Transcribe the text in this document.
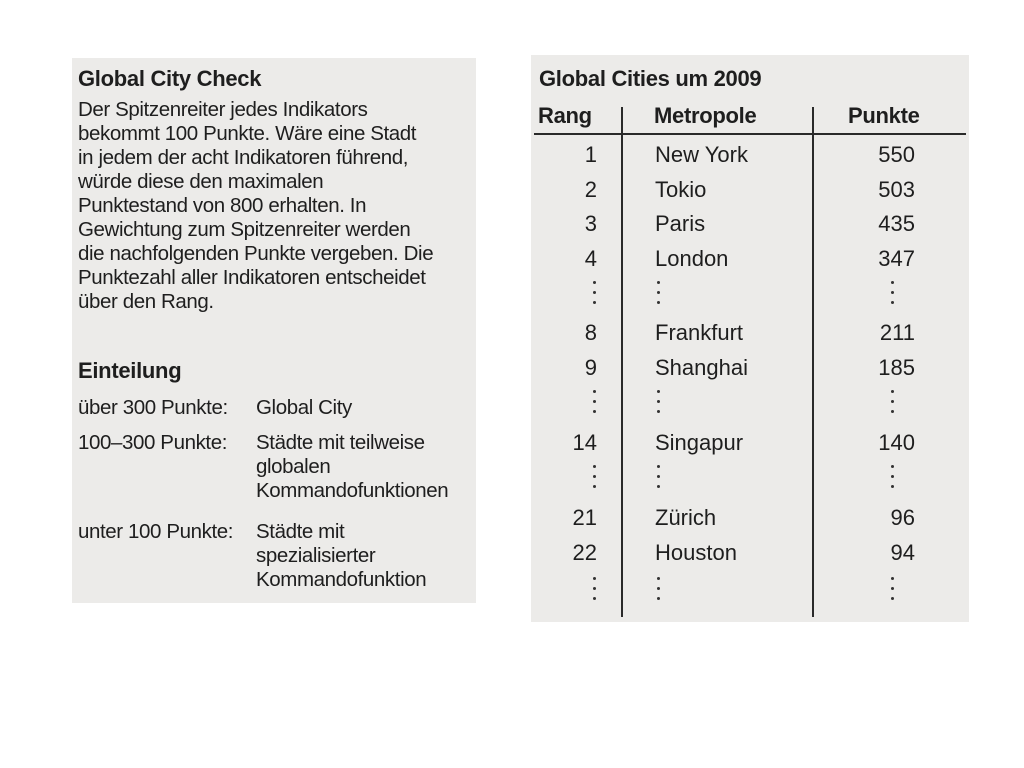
Global City Check
Der Spitzenreiter jedes Indikators
bekommt 100 Punkte. Wäre eine Stadt
in jedem der acht Indikatoren führend,
würde diese den maximalen
Punktestand von 800 erhalten. In
Gewichtung zum Spitzenreiter werden
die nachfolgenden Punkte vergeben. Die
Punktezahl aller Indikatoren entscheidet
über den Rang.
Einteilung
über 300 Punkte: Global City
100–300 Punkte: Städte mit teilweise
globalen
Kommandofunktionen
unter 100 Punkte: Städte mit
spezialisierter
Kommandofunktion
Global Cities um 2009
Rang	Metropole	Punkte
1	New York	550
2	Tokio	503
3	Paris	435
4	London	347
8	Frankfurt	211
9	Shanghai	185
14	Singapur	140
21	Zürich	96
22	Houston	94
